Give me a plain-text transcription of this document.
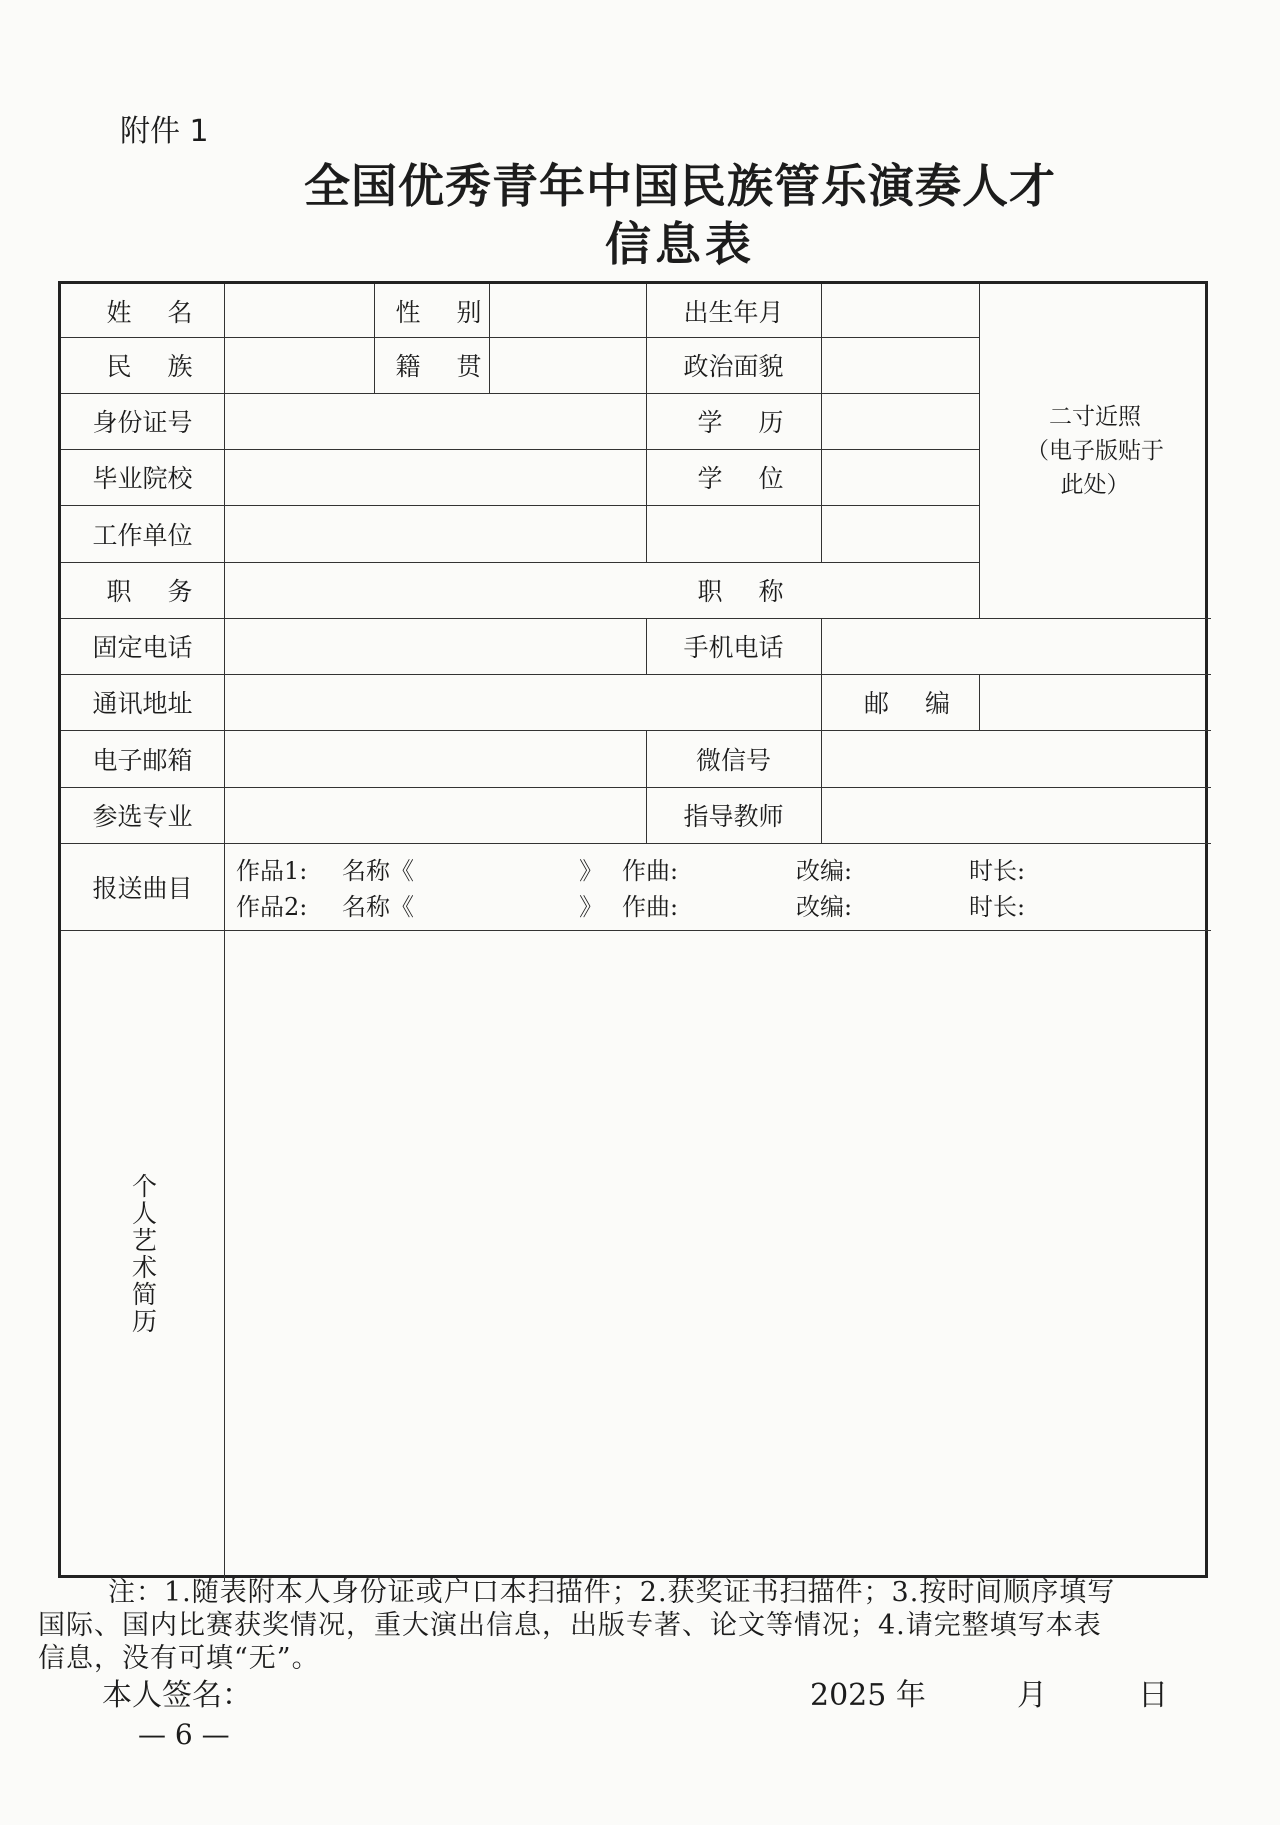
附件 1
全国优秀青年中国民族管乐演奏人才
信息表
姓 名	性 别	出生年月
民 族	籍 贯	政治面貌
身份证号	学 历
毕业院校	学 位
工作单位
二寸近照
（电子版贴于
此处）
职 务	职 称
固定电话	手机电话
通讯地址	邮 编
电子邮箱	微信号
参选专业	指导教师
报送曲目
作品1: 名称《	》 作曲:	改编:	时长:
作品2: 名称《	》 作曲:	改编:	时长:
个人艺术简历
注：1.随表附本人身份证或户口本扫描件；2.获奖证书扫描件；3.按时间顺序填写
国际、国内比赛获奖情况，重大演出信息，出版专著、论文等情况；4.请完整填写本表
信息，没有可填“无”。
本人签名：	2025 年	月	日
— 6 —
